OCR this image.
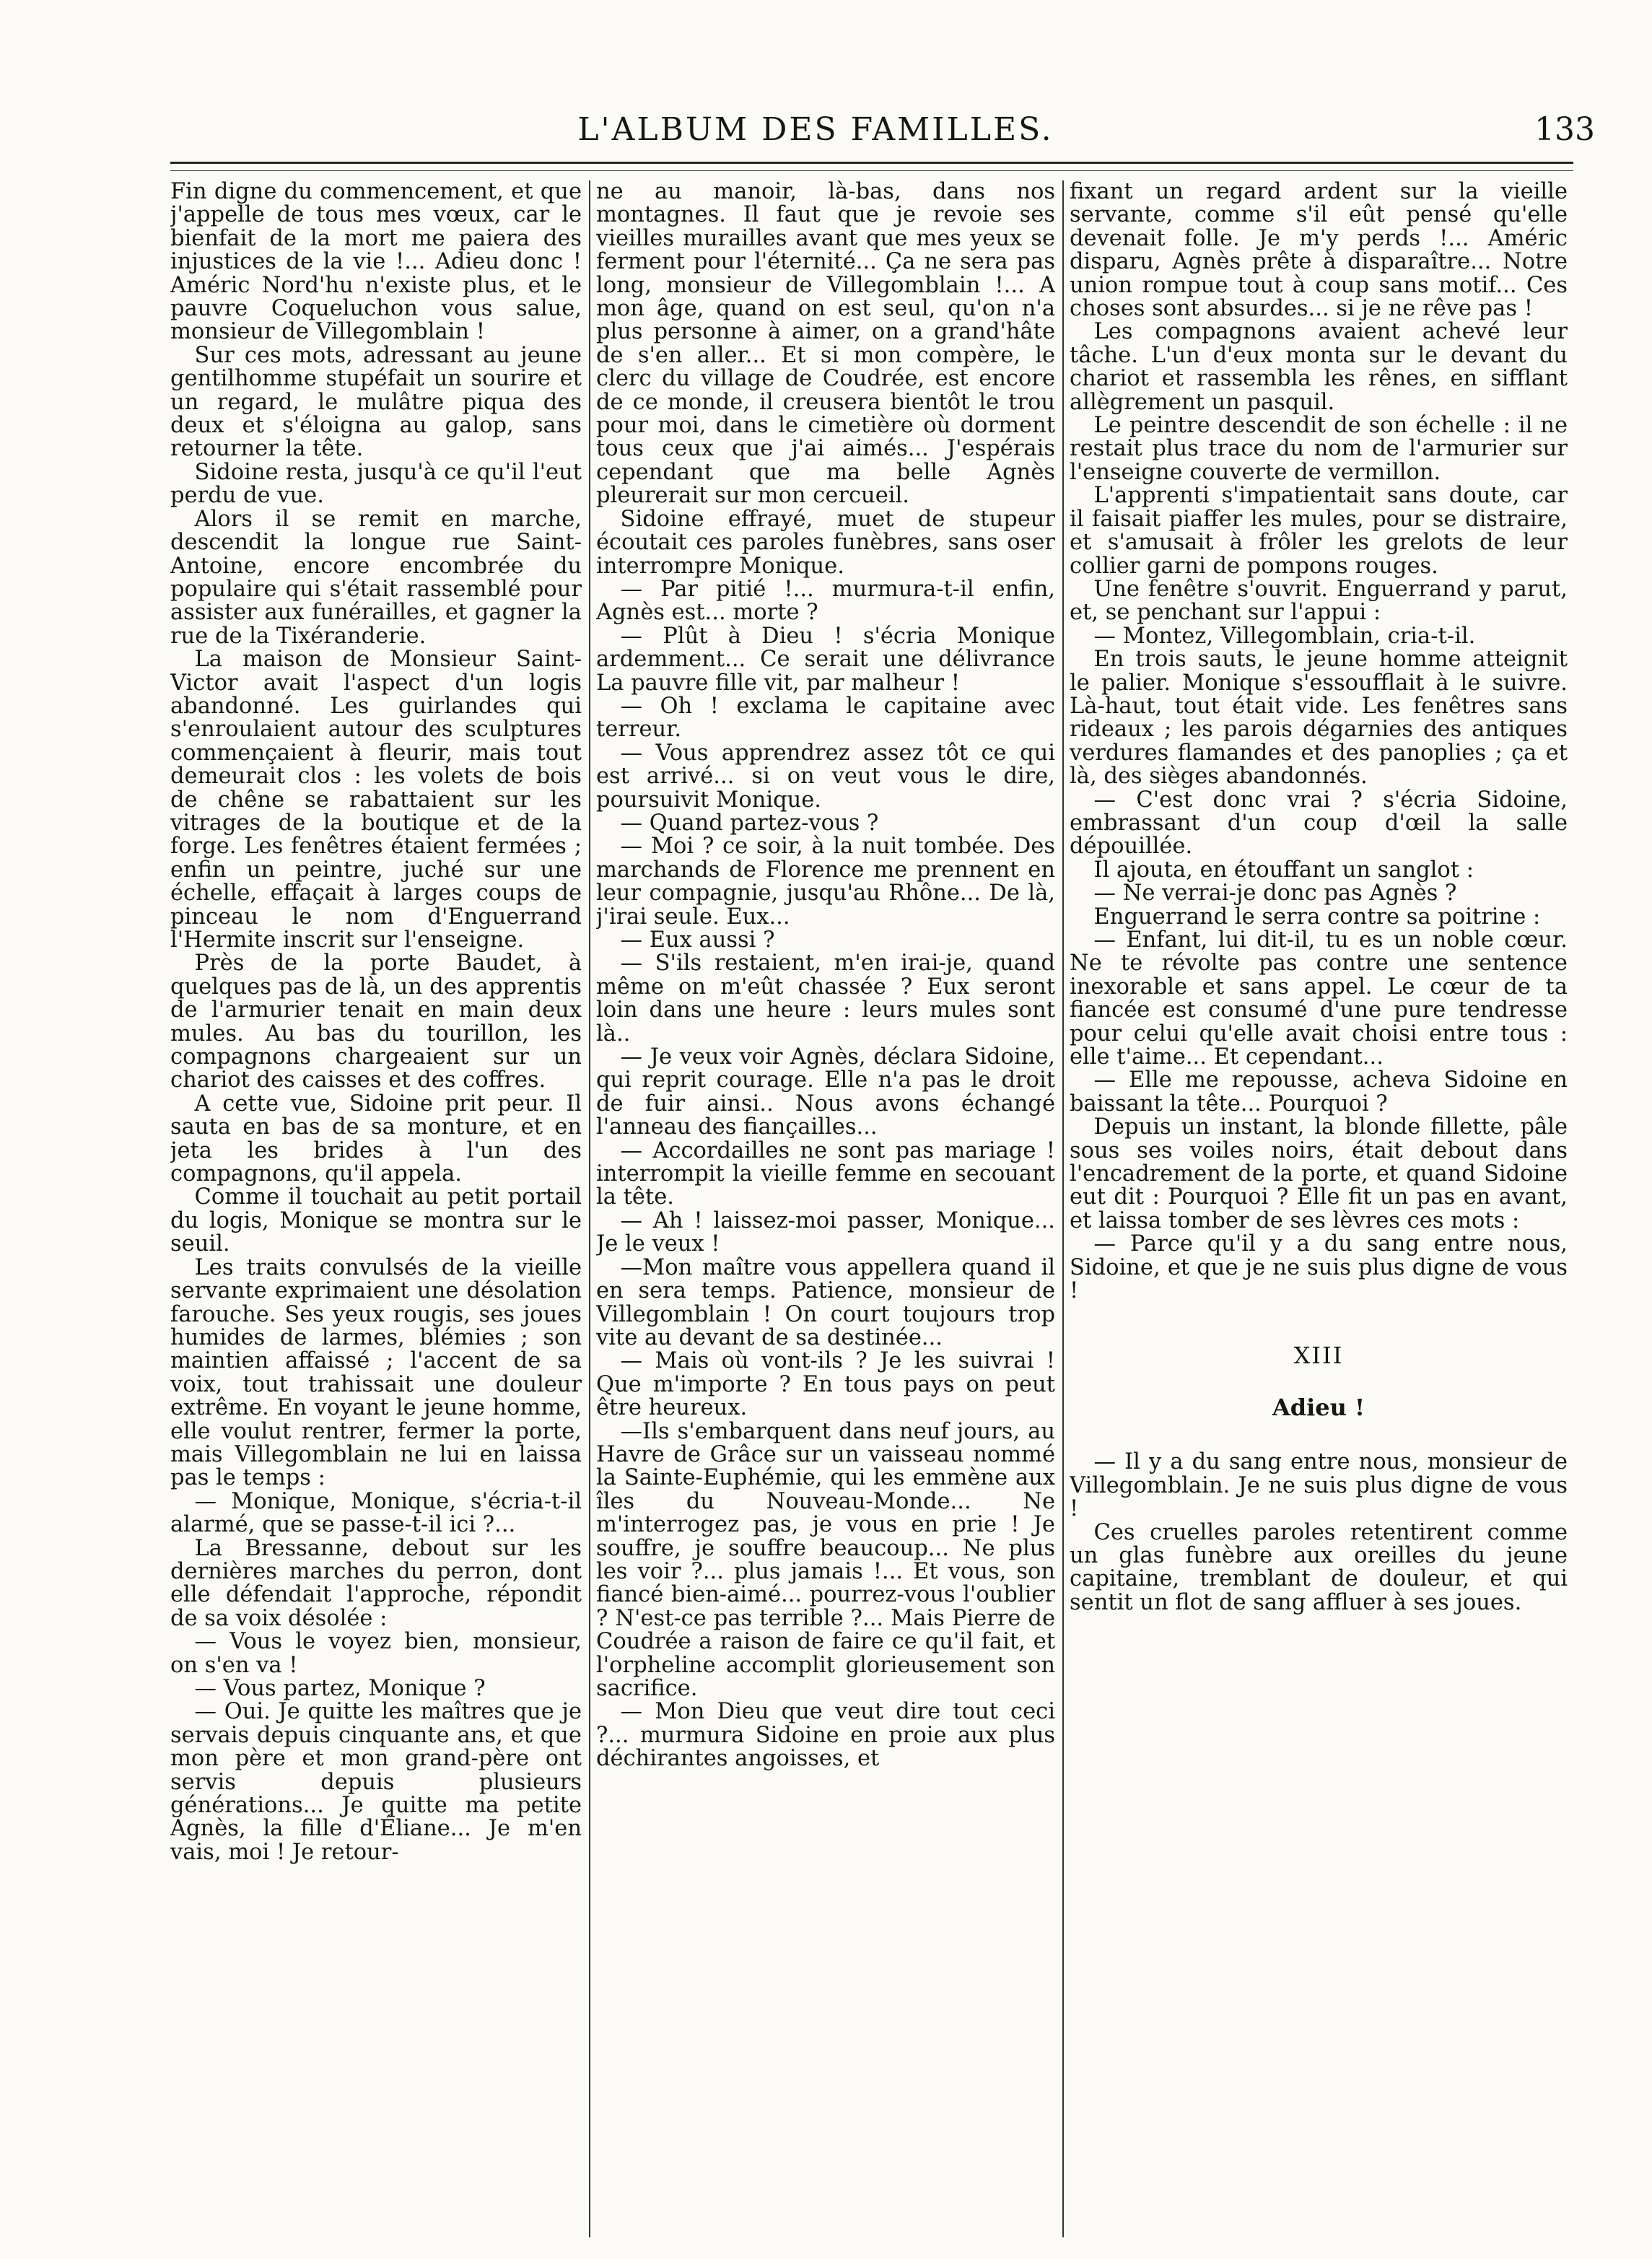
L'ALBUM DES FAMILLES.	133

Fin digne du commencement, et que j'appelle de tous mes vœux, car le bienfait de la mort me paiera des injustices de la vie !... Adieu donc ! Améric Nord'hu n'existe plus, et le pauvre Coqueluchon vous salue, monsieur de Villegomblain !

Sur ces mots, adressant au jeune gentilhomme stupéfait un sourire et un regard, le mulâtre piqua des deux et s'éloigna au galop, sans retourner la tête.

Sidoine resta, jusqu'à ce qu'il l'eut perdu de vue.

Alors il se remit en marche, descendit la longue rue Saint-Antoine, encore encombrée du populaire qui s'était rassemblé pour assister aux funérailles, et gagner la rue de la Tixéranderie.

La maison de Monsieur Saint-Victor avait l'aspect d'un logis abandonné. Les guirlandes qui s'enroulaient autour des sculptures commençaient à fleurir, mais tout demeurait clos : les volets de bois de chêne se rabattaient sur les vitrages de la boutique et de la forge. Les fenêtres étaient fermées ; enfin un peintre, juché sur une échelle, effaçait à larges coups de pinceau le nom d'Enguerrand l'Hermite inscrit sur l'enseigne.

Près de la porte Baudet, à quelques pas de là, un des apprentis de l'armurier tenait en main deux mules. Au bas du tourillon, les compagnons chargeaient sur un chariot des caisses et des coffres.

A cette vue, Sidoine prit peur. Il sauta en bas de sa monture, et en jeta les brides à l'un des compagnons, qu'il appela.

Comme il touchait au petit portail du logis, Monique se montra sur le seuil.

Les traits convulsés de la vieille servante exprimaient une désolation farouche. Ses yeux rougis, ses joues humides de larmes, blémies ; son maintien affaissé ; l'accent de sa voix, tout trahissait une douleur extrême. En voyant le jeune homme, elle voulut rentrer, fermer la porte, mais Villegomblain ne lui en laissa pas le temps :

— Monique, Monique, s'écria-t-il alarmé, que se passe-t-il ici ?...

La Bressanne, debout sur les dernières marches du perron, dont elle défendait l'approche, répondit de sa voix désolée :

— Vous le voyez bien, monsieur, on s'en va !

— Vous partez, Monique ?

— Oui. Je quitte les maîtres que je servais depuis cinquante ans, et que mon père et mon grand-père ont servis depuis plusieurs générations... Je quitte ma petite Agnès, la fille d'Éliane... Je m'en vais, moi ! Je retour-

ne au manoir, là-bas, dans nos montagnes. Il faut que je revoie ses vieilles murailles avant que mes yeux se ferment pour l'éternité... Ça ne sera pas long, monsieur de Villegomblain !... A mon âge, quand on est seul, qu'on n'a plus personne à aimer, on a grand'hâte de s'en aller... Et si mon compère, le clerc du village de Coudrée, est encore de ce monde, il creusera bientôt le trou pour moi, dans le cimetière où dorment tous ceux que j'ai aimés... J'espérais cependant que ma belle Agnès pleurerait sur mon cercueil.

Sidoine effrayé, muet de stupeur écoutait ces paroles funèbres, sans oser interrompre Monique.

— Par pitié !... murmura-t-il enfin, Agnès est... morte ?

— Plût à Dieu ! s'écria Monique ardemment... Ce serait une délivrance La pauvre fille vit, par malheur !

— Oh ! exclama le capitaine avec terreur.

— Vous apprendrez assez tôt ce qui est arrivé... si on veut vous le dire, poursuivit Monique.

— Quand partez-vous ?

— Moi ? ce soir, à la nuit tombée. Des marchands de Florence me prennent en leur compagnie, jusqu'au Rhône... De là, j'irai seule. Eux...

— Eux aussi ?

— S'ils restaient, m'en irai-je, quand même on m'eût chassée ? Eux seront loin dans une heure : leurs mules sont là..

— Je veux voir Agnès, déclara Sidoine, qui reprit courage. Elle n'a pas le droit de fuir ainsi.. Nous avons échangé l'anneau des fiançailles...

— Accordailles ne sont pas mariage ! interrompit la vieille femme en secouant la tête.

— Ah ! laissez-moi passer, Monique... Je le veux !

—Mon maître vous appellera quand il en sera temps. Patience, monsieur de Villegomblain ! On court toujours trop vite au devant de sa destinée...

— Mais où vont-ils ? Je les suivrai ! Que m'importe ? En tous pays on peut être heureux.

—Ils s'embarquent dans neuf jours, au Havre de Grâce sur un vaisseau nommé la Sainte-Euphémie, qui les emmène aux îles du Nouveau-Monde... Ne m'interrogez pas, je vous en prie ! Je souffre, je souffre beaucoup... Ne plus les voir ?... plus jamais !... Et vous, son fiancé bien-aimé... pourrez-vous l'oublier ? N'est-ce pas terrible ?... Mais Pierre de Coudrée a raison de faire ce qu'il fait, et l'orpheline accomplit glorieusement son sacrifice.

— Mon Dieu que veut dire tout ceci ?... murmura Sidoine en proie aux plus déchirantes angoisses, et

fixant un regard ardent sur la vieille servante, comme s'il eût pensé qu'elle devenait folle. Je m'y perds !... Améric disparu, Agnès prête à disparaître... Notre union rompue tout à coup sans motif... Ces choses sont absurdes... si je ne rêve pas !

Les compagnons avaient achevé leur tâche. L'un d'eux monta sur le devant du chariot et rassembla les rênes, en sifflant allègrement un pasquil.

Le peintre descendit de son échelle : il ne restait plus trace du nom de l'armurier sur l'enseigne couverte de vermillon.

L'apprenti s'impatientait sans doute, car il faisait piaffer les mules, pour se distraire, et s'amusait à frôler les grelots de leur collier garni de pompons rouges.

Une fenêtre s'ouvrit. Enguerrand y parut, et, se penchant sur l'appui :

— Montez, Villegomblain, cria-t-il.

En trois sauts, le jeune homme atteignit le palier. Monique s'essoufflait à le suivre. Là-haut, tout était vide. Les fenêtres sans rideaux ; les parois dégarnies des antiques verdures flamandes et des panoplies ; ça et là, des sièges abandonnés.

— C'est donc vrai ? s'écria Sidoine, embrassant d'un coup d'œil la salle dépouillée.

Il ajouta, en étouffant un sanglot :

— Ne verrai-je donc pas Agnès ?

Enguerrand le serra contre sa poitrine :

— Enfant, lui dit-il, tu es un noble cœur. Ne te révolte pas contre une sentence inexorable et sans appel. Le cœur de ta fiancée est consumé d'une pure tendresse pour celui qu'elle avait choisi entre tous : elle t'aime... Et cependant...

— Elle me repousse, acheva Sidoine en baissant la tête... Pourquoi ?

Depuis un instant, la blonde fillette, pâle sous ses voiles noirs, était debout dans l'encadrement de la porte, et quand Sidoine eut dit : Pourquoi ? Elle fit un pas en avant, et laissa tomber de ses lèvres ces mots :

— Parce qu'il y a du sang entre nous, Sidoine, et que je ne suis plus digne de vous !

XIII

Adieu !

— Il y a du sang entre nous, monsieur de Villegomblain. Je ne suis plus digne de vous !

Ces cruelles paroles retentirent comme un glas funèbre aux oreilles du jeune capitaine, tremblant de douleur, et qui sentit un flot de sang affluer à ses joues.
